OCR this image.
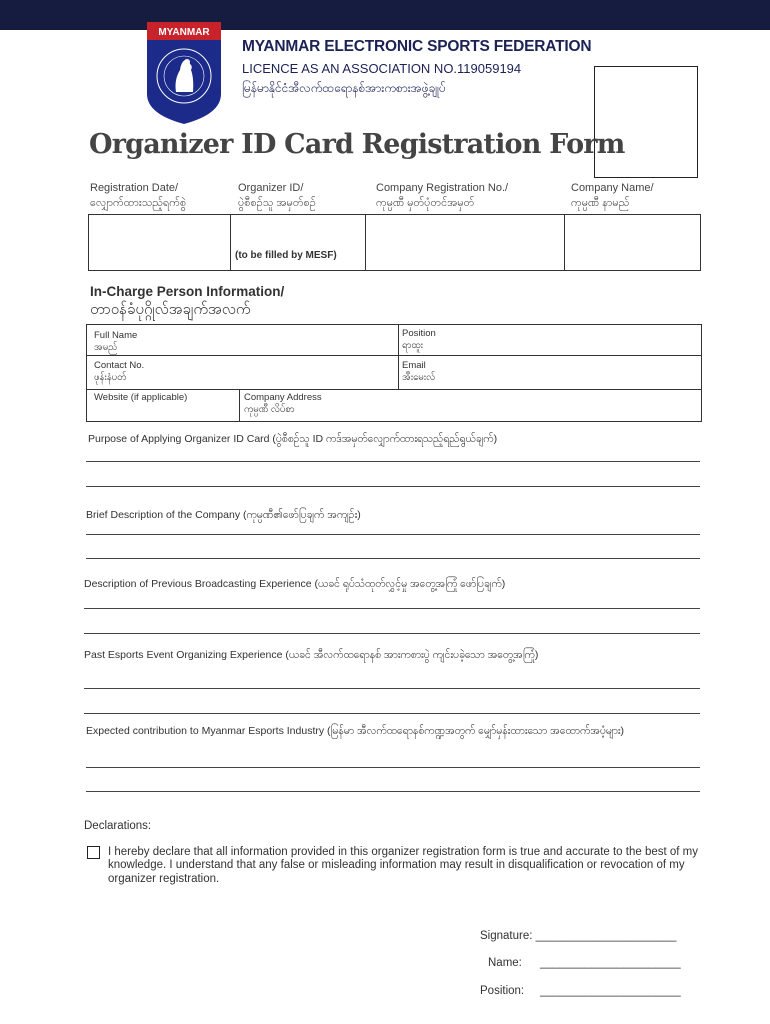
MYANMAR
MYANMAR ELECTRONIC SPORTS FEDERATION
LICENCE AS AN ASSOCIATION NO.119059194
မြန်မာနိုင်ငံအီလက်ထရောနစ်အားကစားအဖွဲ့ချုပ်
Organizer ID Card Registration Form
Registration Date/
လျှောက်ထားသည့်ရက်စွဲ
Organizer ID/
ပွဲစီစဉ်သူ အမှတ်စဉ်
Company Registration No./
ကုမ္ပဏီ မှတ်ပုံတင်အမှတ်
Company Name/
ကုမ္ပဏီ နာမည်
(to be filled by MESF)
In-Charge Person Information/
တာဝန်ခံပုဂ္ဂိုလ်အချက်အလက်
Full Name
အမည်
Position
ရာထူး
Contact No.
ဖုန်းနံပတ်
Email
အီးမေးလ်
Website (if applicable)	Company Address
ကုမ္ပဏီ လိပ်စာ
Purpose of Applying Organizer ID Card (ပွဲစီစဉ်သူ ID ကဒ်အမှတ်လျှောက်ထားရသည့်ရည်ရွယ်ချက်)
Brief Description of the Company (ကုမ္ပဏီ၏ဖော်ပြချက် အကျဉ်း)
Description of Previous Broadcasting Experience (ယခင် ရုပ်သံထုတ်လွှင့်မှု အတွေ့အကြုံ ဖော်ပြချက်)
Past Esports Event Organizing Experience (ယခင် အီလက်ထရောနစ် အားကစားပွဲ ကျင်းပခဲ့သော အတွေ့အကြုံ)
Expected contribution to Myanmar Esports Industry (မြန်မာ အီလက်ထရောနစ်ကဏ္ဍအတွက် မျှော်မှန်းထားသော အထောက်အပံ့များ)
Declarations:
I hereby declare that all information provided in this organizer registration form is true and accurate to the best of my knowledge. I understand that any false or misleading information may result in disqualification or revocation of my organizer registration.
Signature: ______________________
Name: ______________________
Position: ______________________
